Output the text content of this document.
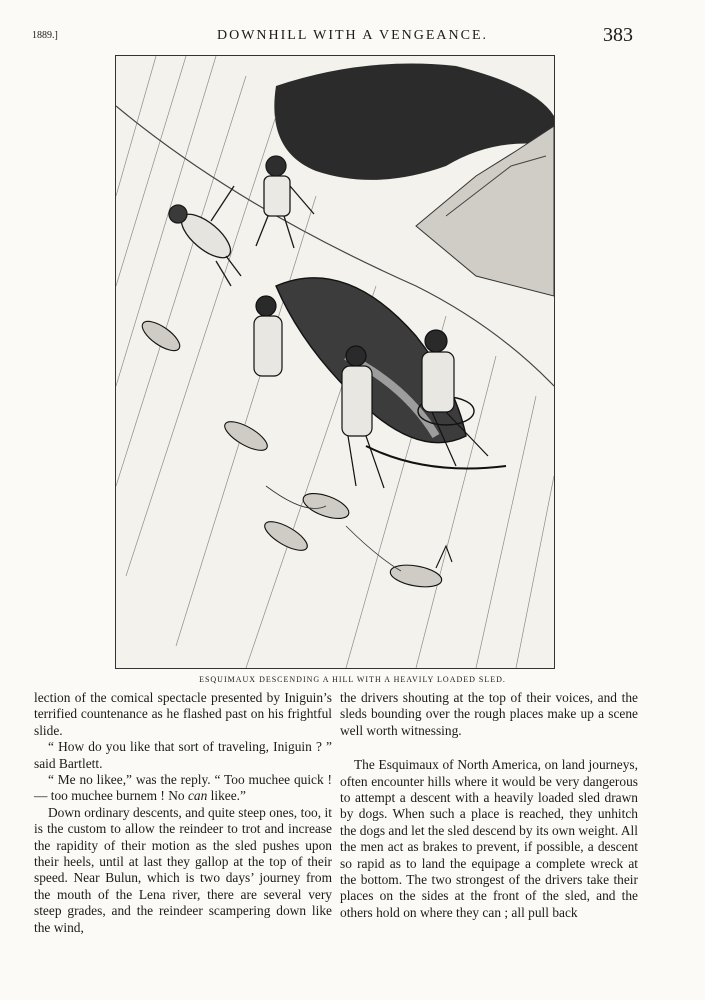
1889.]	DOWNHILL WITH A VENGEANCE.	383
ESQUIMAUX DESCENDING A HILL WITH A HEAVILY LOADED SLED.

lection of the comical spectacle presented by Iniguin’s terrified countenance as he flashed past on his frightful slide.

“ How do you like that sort of traveling, Iniguin ? ” said Bartlett.

“ Me no likee,” was the reply. “ Too muchee quick ! — too muchee burnem ! No can likee.”

Down ordinary descents, and quite steep ones, too, it is the custom to allow the reindeer to trot and increase the rapidity of their motion as the sled pushes upon their heels, until at last they gallop at the top of their speed. Near Bulun, which is two days’ journey from the mouth of the Lena river, there are several very steep grades, and the reindeer scampering down like the wind,

the drivers shouting at the top of their voices, and the sleds bounding over the rough places make up a scene well worth witnessing.

The Esquimaux of North America, on land journeys, often encounter hills where it would be very dangerous to attempt a descent with a heavily loaded sled drawn by dogs. When such a place is reached, they unhitch the dogs and let the sled descend by its own weight. All the men act as brakes to prevent, if possible, a descent so rapid as to land the equipage a complete wreck at the bottom. The two strongest of the drivers take their places on the sides at the front of the sled, and the others hold on where they can ; all pull back
